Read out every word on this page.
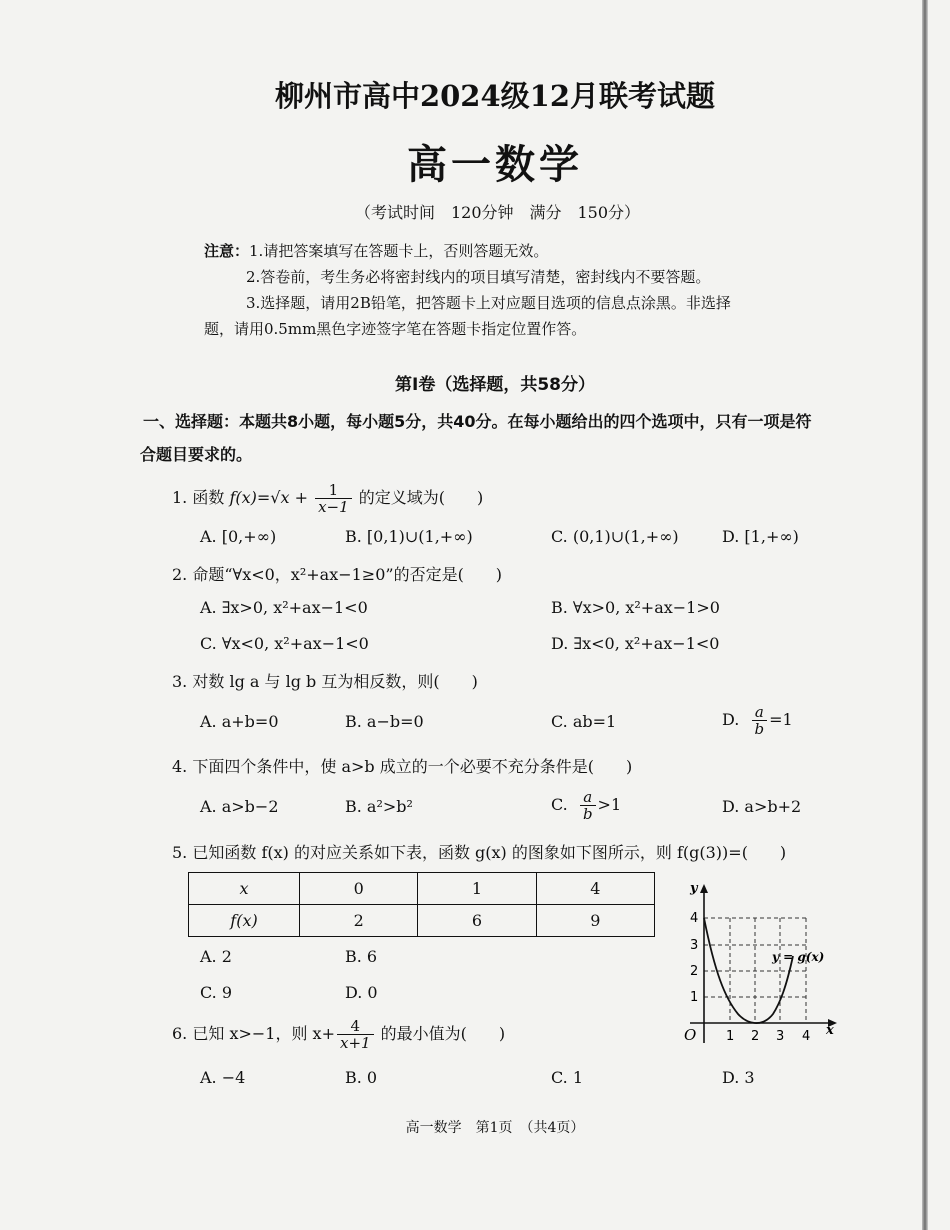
柳州市高中2024级12月联考试题
高一数学
（考试时间　120分钟　满分　150分）
注意：1.请把答案填写在答题卡上，否则答题无效。
2.答卷前，考生务必将密封线内的项目填写清楚，密封线内不要答题。
3.选择题，请用2B铅笔，把答题卡上对应题目选项的信息点涂黑。非选择
题，请用0.5mm黑色字迹签字笔在答题卡指定位置作答。
第Ⅰ卷（选择题，共58分）
一、选择题：本题共8小题，每小题5分，共40分。在每小题给出的四个选项中，只有一项是符
合题目要求的。
1. 函数 $f(x)=√x + \frac{1}{x-1}$ 的定义域为(　　)
A. [0,+∞)	B. [0,1)∪(1,+∞)	C. (0,1)∪(1,+∞)	D. [1,+∞)
2. 命题“∀x<0，x²+ax−1≥0”的否定是(　　)
A. ∃x>0, x²+ax−1<0	B. ∀x>0, x²+ax−1>0
C. ∀x<0, x²+ax−1<0	D. ∃x<0, x²+ax−1<0
3. 对数 lg a 与 lg b 互为相反数，则(　　)
A. a+b=0	B. a−b=0	C. ab=1	D. $\frac{a}{b} =1$
4. 下面四个条件中，使 a>b 成立的一个必要不充分条件是(　　)
A. a>b−2	B. a²>b²	C. $\frac{a}{b} >1$	D. a>b+2
5. 已知函数 f(x) 的对应关系如下表，函数 g(x) 的图象如下图所示，则 f(g(3))=(　　)
x	0	1	4
f(x)	2	6	9
A. 2	B. 6
C. 9	D. 0
y
x
O
y = g(x)
1
2
3
4
1 2 3 4
6. 已知 x>−1，则 $x+ \frac{4}{x+1}$ 的最小值为(　　)
A. −4	B. 0	C. 1	D. 3
高一数学　第1页　（共4页）
